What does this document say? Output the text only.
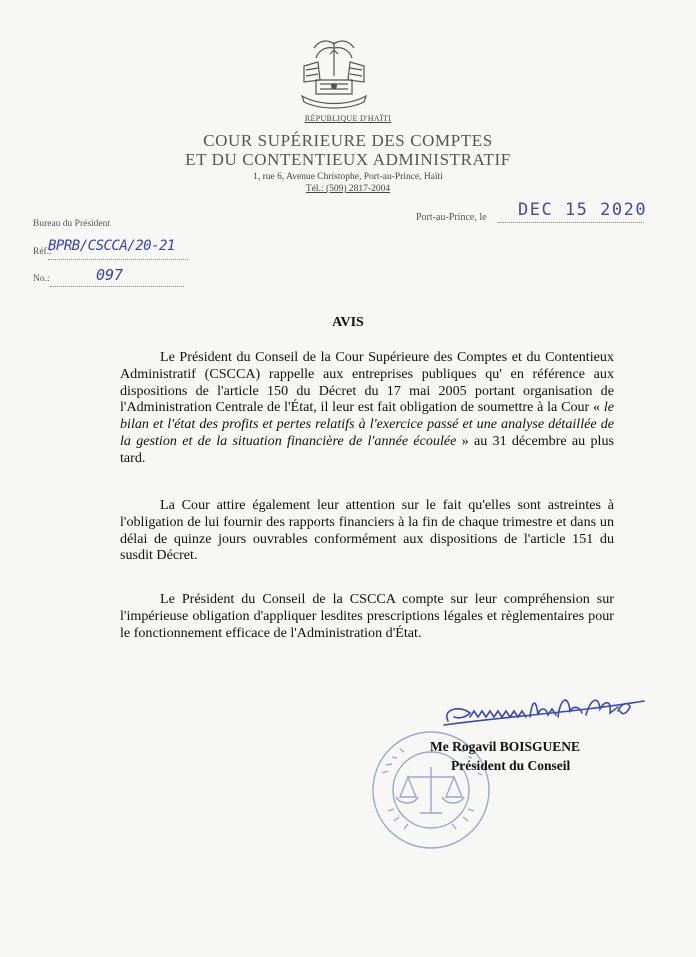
RÉPUBLIQUE D'HAÏTI
COUR SUPÉRIEURE DES COMPTES
ET DU CONTENTIEUX ADMINISTRATIF
1, rue 6, Avenue Christophe, Port-au-Prince, Haïti
Tél.: (509) 2817-2004
Bureau du Président
Réf.:
BPRB/CSCCA/20-21
No.:	097
Port-au-Prince, le DEC 15 2020
AVIS
Le Président du Conseil de la Cour Supérieure des Comptes et du Contentieux Administratif (CSCCA) rappelle aux entreprises publiques qu' en référence aux dispositions de l'article 150 du Décret du 17 mai 2005 portant organisation de l'Administration Centrale de l'État, il leur est fait obligation de soumettre à la Cour « le bilan et l'état des profits et pertes relatifs à l'exercice passé et une analyse détaillée de la gestion et de la situation financière de l'année écoulée » au 31 décembre au plus tard.
La Cour attire également leur attention sur le fait qu'elles sont astreintes à l'obligation de lui fournir des rapports financiers à la fin de chaque trimestre et dans un délai de quinze jours ouvrables conformément aux dispositions de l'article 151 du susdit Décret.
Le Président du Conseil de la CSCCA compte sur leur compréhension sur l'impérieuse obligation d'appliquer lesdites prescriptions légales et règlementaires pour le fonctionnement efficace de l'Administration d'État.
Me Rogavil BOISGUENE
Président du Conseil
